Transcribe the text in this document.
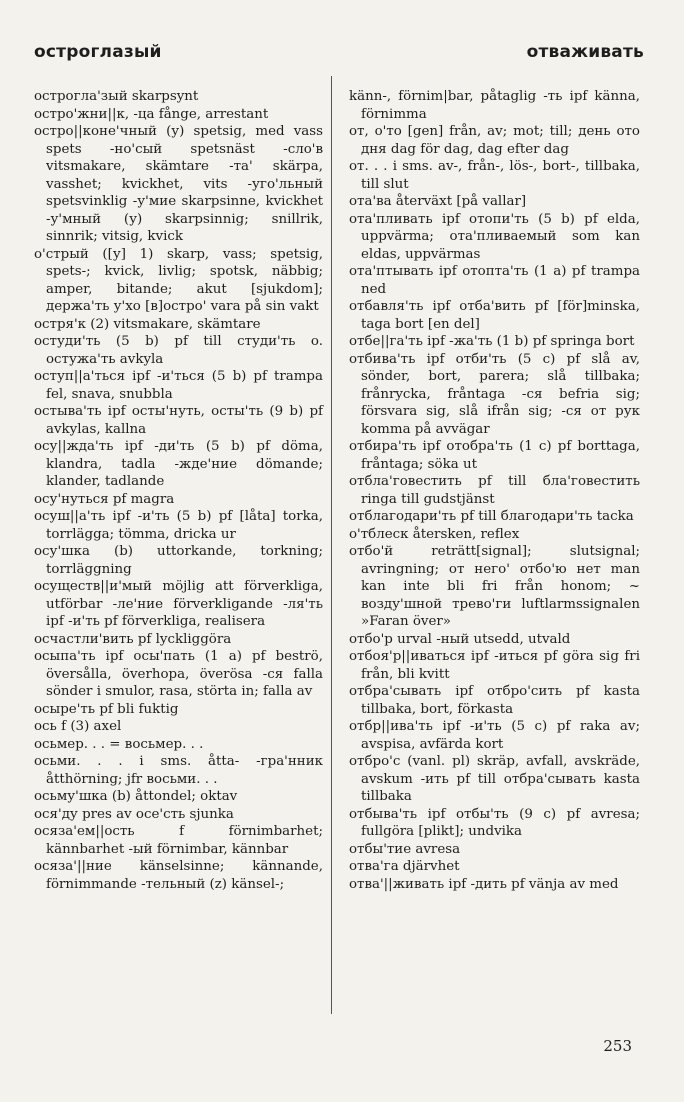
остроглазый	отваживать
острогла'зый skarpsynt
остро'жни||к, -ца fånge, arrestant
остро||коне'чный (у) spetsig, med vass spets -но'сый spetsnäst -сло'в vitsmakare, skämtare -та' skärpa, vasshet; kvickhet, vits -уго'льный spetsvinklig -у'мие skarpsinne, kvickhet -у'мный (у) skarpsinnig; snillrik, sinnrik; vitsig, kvick
о'стрый ([у] 1) skarp, vass; spetsig, spets-; kvick, livlig; spotsk, näbbig; amper, bitande; akut [sjukdom]; держа'ть у'хо [в]остро' vara på sin vakt
остря'к (2) vitsmakare, skämtare
остуди'ть (5 b) pf till студи'ть o. остужа'ть avkyla
оступ||а'ться ipf -и'ться (5 b) pf trampa fel, snava, snubbla
остыва'ть ipf осты'нуть, осты'ть (9 b) pf avkylas, kallna
осу||жда'ть ipf -ди'ть (5 b) pf döma, klandra, tadla -жде'ние dömande; klander, tadlande
осу'нуться pf magra
осуш||а'ть ipf -и'ть (5 b) pf [låta] torka, torrlägga; tömma, dricka ur
осу'шка (b) uttorkande, torkning; torrläggning
осуществ||и'мый möjlig att förverkliga, utförbar -ле'ние förverkligande -ля'ть ipf -и'ть pf förverkliga, realisera
осчастли'вить pf lyckliggöra
осыпа'ть ipf осы'пать (1 a) pf beströ, översålla, överhopa, överösa -ся falla sönder i smulor, rasa, störta in; falla av
осыре'ть pf bli fuktig
ось f (3) axel
осьмер. . . = восьмер. . .
осьми. . . i sms. åtta- -гра'нник åtthörning; jfr восьми. . .
осьму'шка (b) åttondel; oktav
ося'ду pres av осе'сть sjunka
осяза'ем||ость f förnimbarhet; kännbarhet -ый förnimbar, kännbar
осяза'||ние känselsinne; kännande, förnimmande -тельный (z) känsel-;
känn-, förnim|bar, påtaglig -ть ipf känna, förnimma
от, о'то [gen] från, av; mot; till; день ото дня dag för dag, dag efter dag
от. . . i sms. av-, från-, lös-, bort-, tillbaka, till slut
ота'ва återväxt [på vallar]
ота'пливать ipf отопи'ть (5 b) pf elda, uppvärma; ота'пливаемый som kan eldas, uppvärmas
ота'птывать ipf отопта'ть (1 a) pf trampa ned
отбавля'ть ipf отба'вить pf [för]minska, taga bort [en del]
отбе||га'ть ipf -жа'ть (1 b) pf springa bort
отбива'ть ipf отби'ть (5 c) pf slå av, sönder, bort, parera; slå tillbaka; frånrycka, fråntaga -ся befria sig; försvara sig, slå ifrån sig; -ся от рук komma på avvägar
отбира'ть ipf отобра'ть (1 c) pf borttaga, fråntaga; söka ut
отбла'говестить pf till бла'говестить ringa till gudstjänst
отблагодари'ть pf till благодари'ть tacka
о'тблеск återsken, reflex
отбо'й reträtt[signal]; slutsignal; avringning; от него' отбо'ю нет man kan inte bli fri från honom; ~ возду'шной трево'ги luftlarmssignalen »Faran över»
отбо'р urval -ный utsedd, utvald
отбоя'р||иваться ipf -иться pf göra sig fri från, bli kvitt
отбра'сывать ipf отбро'сить pf kasta tillbaka, bort, förkasta
отбр||ива'ть ipf -и'ть (5 c) pf raka av; avspisa, avfärda kort
отбро'с (vanl. pl) skräp, avfall, avskräde, avskum -ить pf till отбра'сывать kasta tillbaka
отбыва'ть ipf отбы'ть (9 c) pf avresa; fullgöra [plikt]; undvika
отбы'тие avresa
отва'га djärvhet
отва'||живать ipf -дить pf vänja av med
253
